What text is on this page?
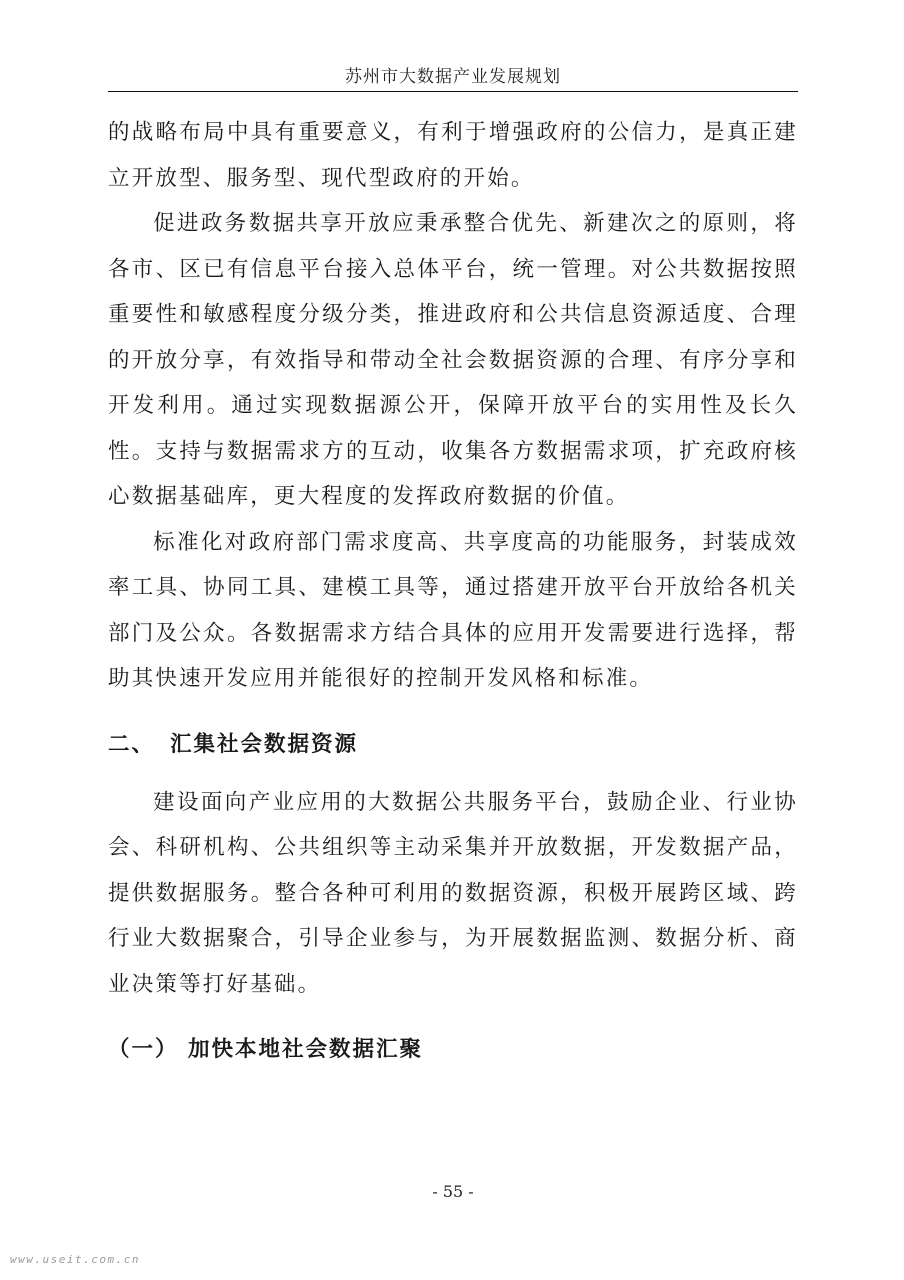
苏州市大数据产业发展规划

的战略布局中具有重要意义，有利于增强政府的公信力，是真正建立开放型、服务型、现代型政府的开始。

促进政务数据共享开放应秉承整合优先、新建次之的原则，将各市、区已有信息平台接入总体平台，统一管理。对公共数据按照重要性和敏感程度分级分类，推进政府和公共信息资源适度、合理的开放分享，有效指导和带动全社会数据资源的合理、有序分享和开发利用。通过实现数据源公开，保障开放平台的实用性及长久性。支持与数据需求方的互动，收集各方数据需求项，扩充政府核心数据基础库，更大程度的发挥政府数据的价值。

标准化对政府部门需求度高、共享度高的功能服务，封装成效率工具、协同工具、建模工具等，通过搭建开放平台开放给各机关部门及公众。各数据需求方结合具体的应用开发需要进行选择，帮助其快速开发应用并能很好的控制开发风格和标准。

二、 汇集社会数据资源

建设面向产业应用的大数据公共服务平台，鼓励企业、行业协会、科研机构、公共组织等主动采集并开放数据，开发数据产品，提供数据服务。整合各种可利用的数据资源，积极开展跨区域、跨行业大数据聚合，引导企业参与，为开展数据监测、数据分析、商业决策等打好基础。

（一） 加快本地社会数据汇聚

- 55 -
www.useit.com.cn
